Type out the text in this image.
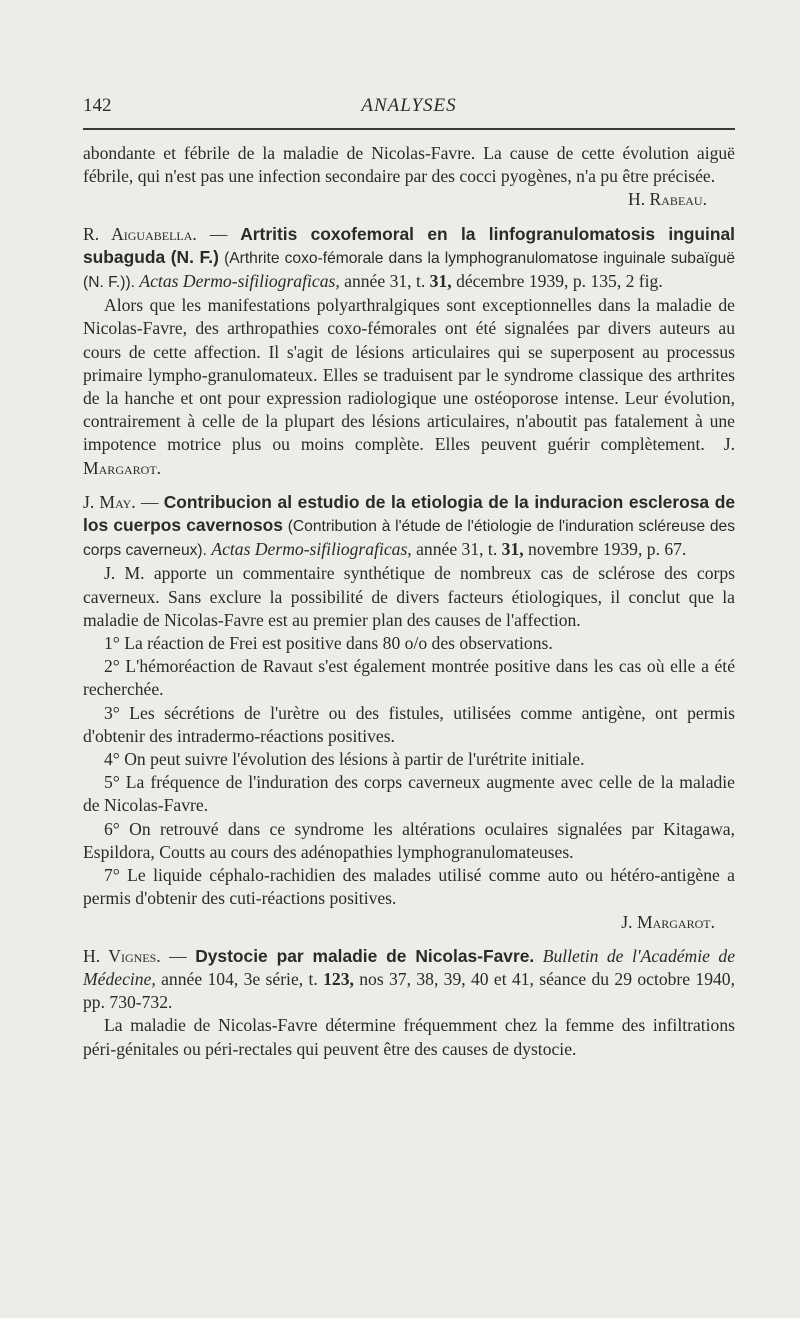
142	ANALYSES

abondante et fébrile de la maladie de Nicolas-Favre. La cause de cette évolution aiguë fébrile, qui n'est pas une infection secondaire par des cocci pyogènes, n'a pu être précisée.
H. Rabeau.

R. Aiguabella. — Artritis coxofemoral en la linfogranulomatosis inguinal subaguda (N. F.) (Arthrite coxo-fémorale dans la lymphogranulomatose inguinale subaïguë (N. F.)). Actas Dermo-sifiliograficas, année 31, t. 31, décembre 1939, p. 135, 2 fig.

Alors que les manifestations polyarthralgiques sont exceptionnelles dans la maladie de Nicolas-Favre, des arthropathies coxo-fémorales ont été signalées par divers auteurs au cours de cette affection. Il s'agit de lésions articulaires qui se superposent au processus primaire lympho-granulomateux. Elles se traduisent par le syndrome classique des arthrites de la hanche et ont pour expression radiologique une ostéoporose intense. Leur évolution, contrairement à celle de la plupart des lésions articulaires, n'aboutit pas fatalement à une impotence motrice plus ou moins complète. Elles peuvent guérir complètement. J. Margarot.

J. May. — Contribucion al estudio de la etiologia de la induracion esclerosa de los cuerpos cavernosos (Contribution à l'étude de l'étiologie de l'induration scléreuse des corps caverneux). Actas Dermo-sifiliograficas, année 31, t. 31, novembre 1939, p. 67.

J. M. apporte un commentaire synthétique de nombreux cas de sclérose des corps caverneux. Sans exclure la possibilité de divers facteurs étiologiques, il conclut que la maladie de Nicolas-Favre est au premier plan des causes de l'affection.

1° La réaction de Frei est positive dans 80 o/o des observations.

2° L'hémoréaction de Ravaut s'est également montrée positive dans les cas où elle a été recherchée.

3° Les sécrétions de l'urètre ou des fistules, utilisées comme antigène, ont permis d'obtenir des intradermo-réactions positives.

4° On peut suivre l'évolution des lésions à partir de l'urétrite initiale.

5° La fréquence de l'induration des corps caverneux augmente avec celle de la maladie de Nicolas-Favre.

6° On retrouvé dans ce syndrome les altérations oculaires signalées par Kitagawa, Espildora, Coutts au cours des adénopathies lymphogranulomateuses.

7° Le liquide céphalo-rachidien des malades utilisé comme auto ou hétéro-antigène a permis d'obtenir des cuti-réactions positives.

J. Margarot.

H. Vignes. — Dystocie par maladie de Nicolas-Favre. Bulletin de l'Académie de Médecine, année 104, 3e série, t. 123, nos 37, 38, 39, 40 et 41, séance du 29 octobre 1940, pp. 730-732.

La maladie de Nicolas-Favre détermine fréquemment chez la femme des infiltrations péri-génitales ou péri-rectales qui peuvent être des causes de dystocie.
